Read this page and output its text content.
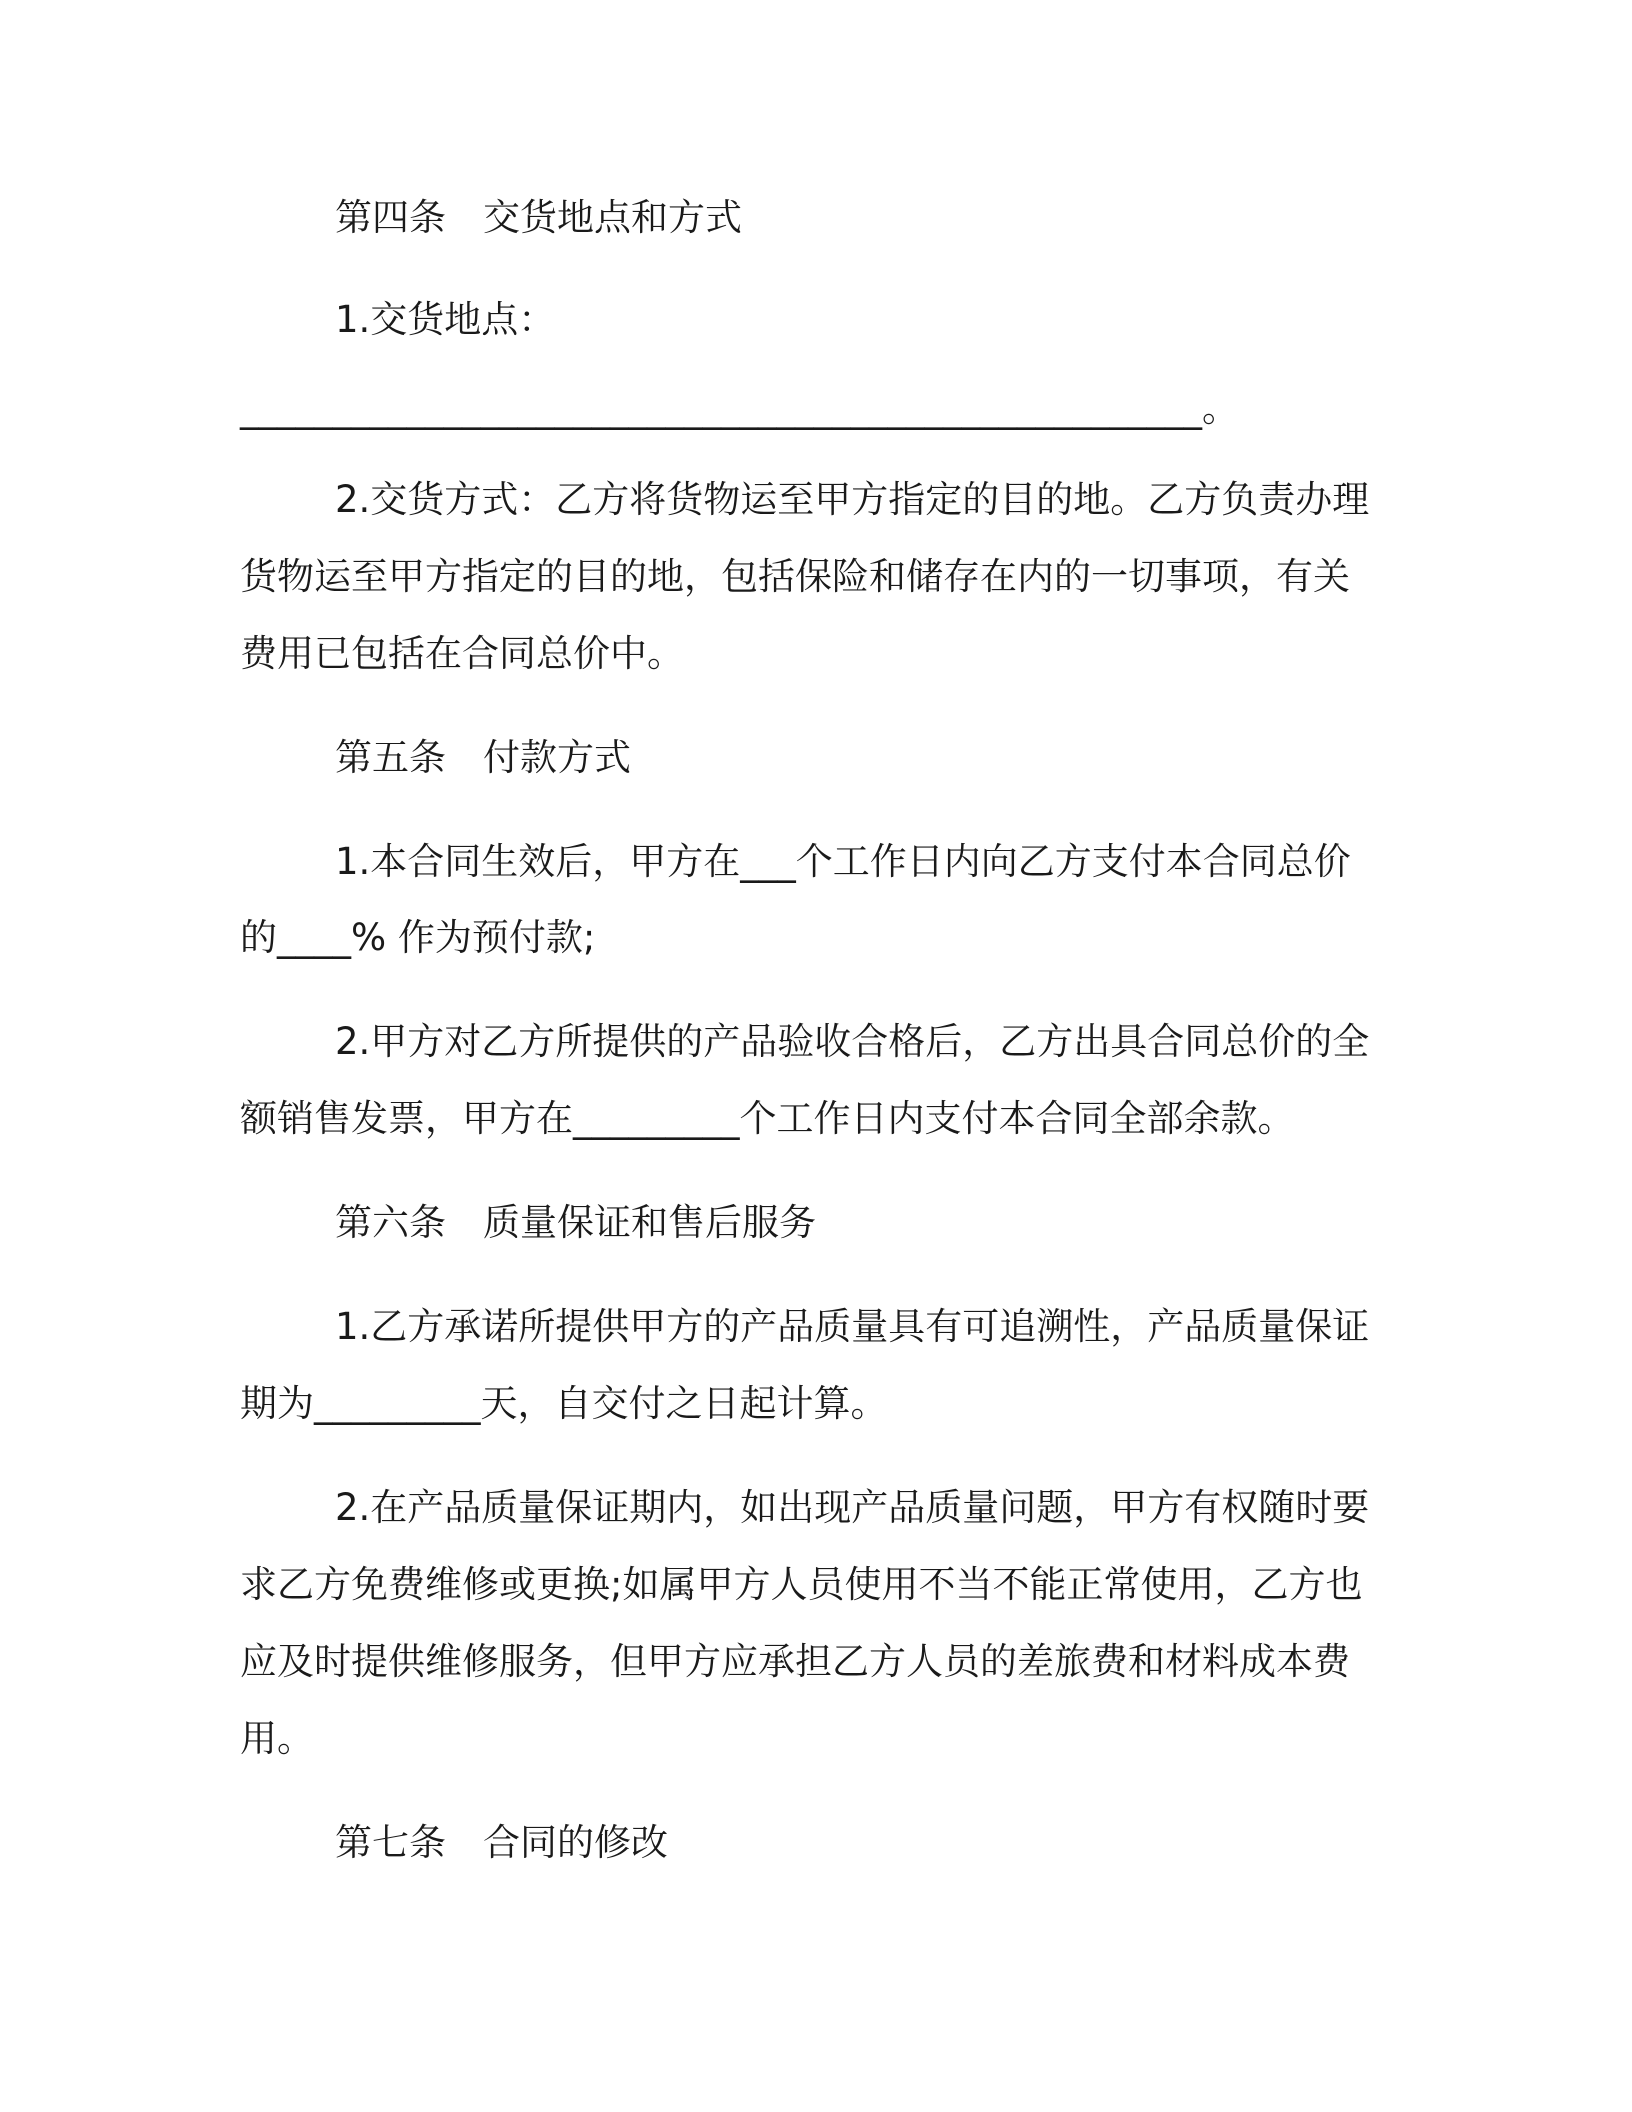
第四条　交货地点和方式
1.交货地点：
____________________________________________________。
2.交货方式：乙方将货物运至甲方指定的目的地。乙方负责办理
货物运至甲方指定的目的地，包括保险和储存在内的一切事项，有关
费用已包括在合同总价中。
第五条　付款方式
1.本合同生效后，甲方在___个工作日内向乙方支付本合同总价
的____% 作为预付款;
2.甲方对乙方所提供的产品验收合格后，乙方出具合同总价的全
额销售发票，甲方在_________个工作日内支付本合同全部余款。
第六条　质量保证和售后服务
1.乙方承诺所提供甲方的产品质量具有可追溯性，产品质量保证
期为_________天，自交付之日起计算。
2.在产品质量保证期内，如出现产品质量问题，甲方有权随时要
求乙方免费维修或更换;如属甲方人员使用不当不能正常使用，乙方也
应及时提供维修服务，但甲方应承担乙方人员的差旅费和材料成本费
用。
第七条　合同的修改
